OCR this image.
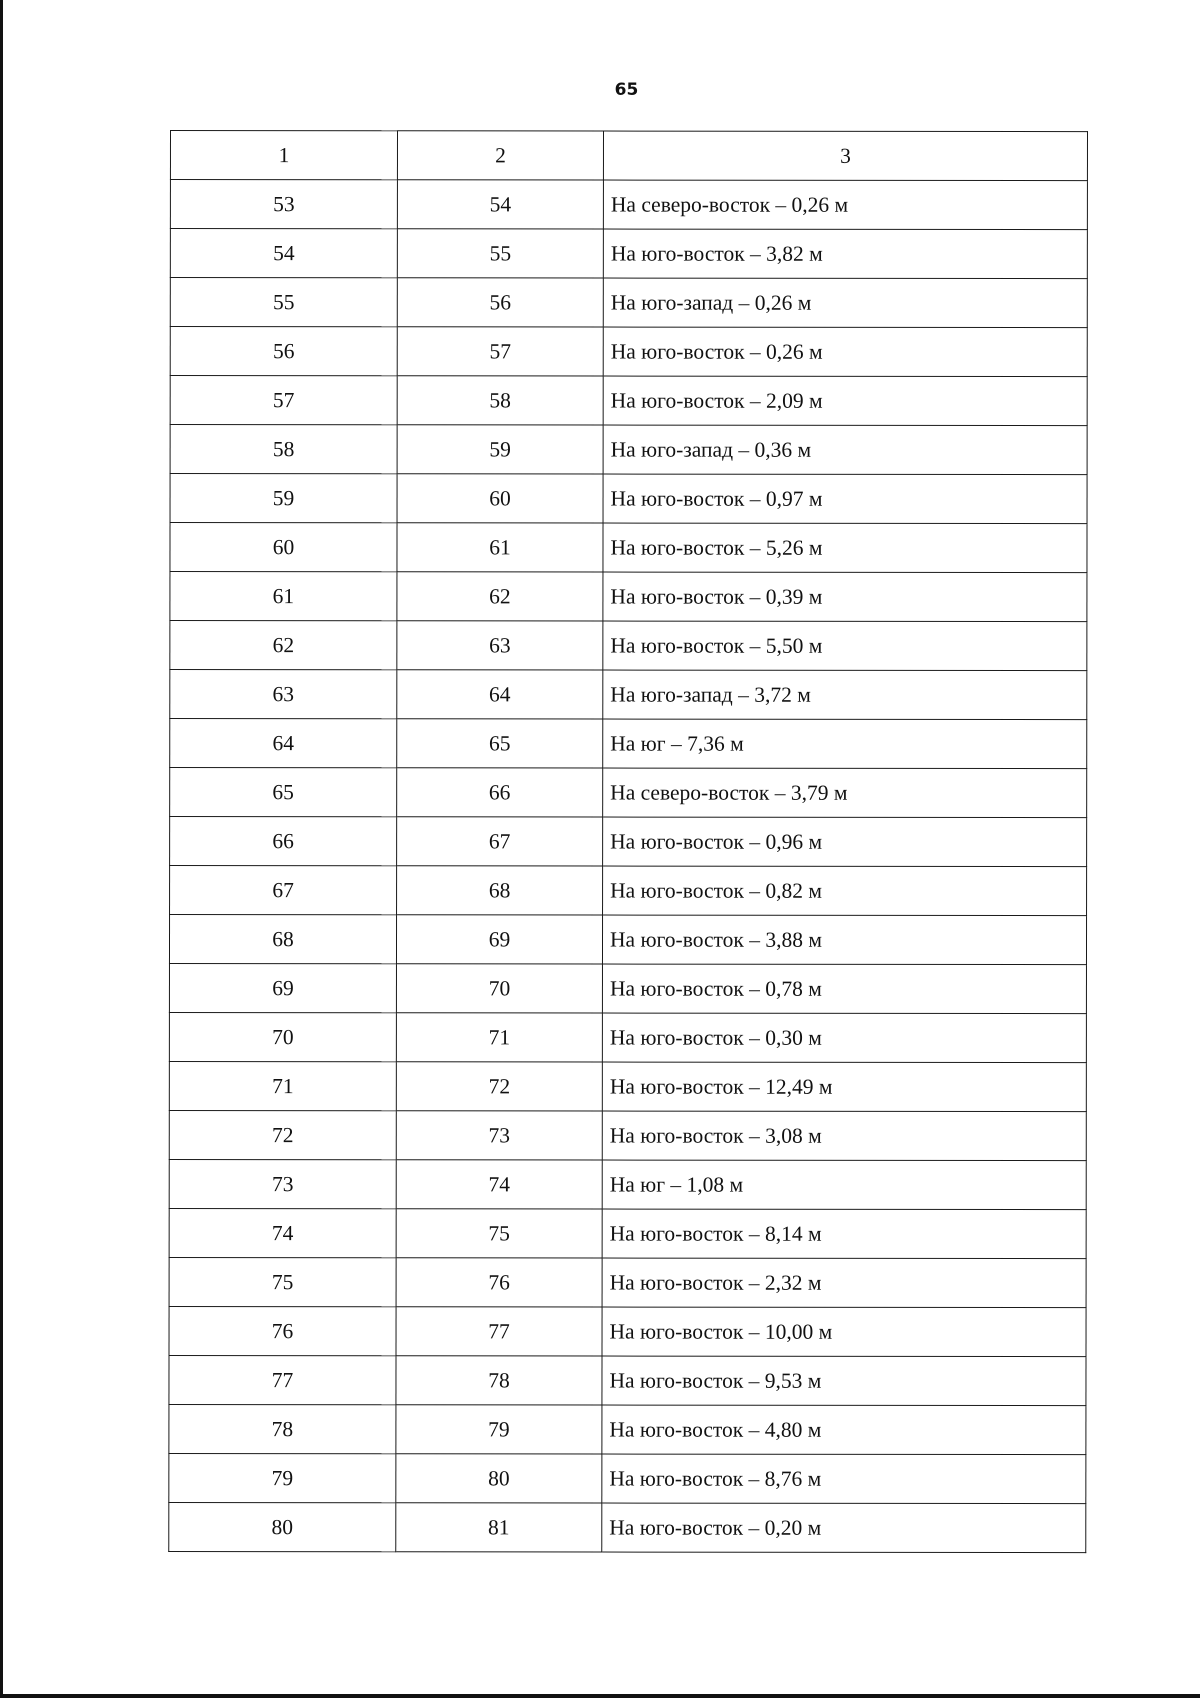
65
1	2	3
53	54	На северо-восток – 0,26 м
54	55	На юго-восток – 3,82 м
55	56	На юго-запад – 0,26 м
56	57	На юго-восток – 0,26 м
57	58	На юго-восток – 2,09 м
58	59	На юго-запад – 0,36 м
59	60	На юго-восток – 0,97 м
60	61	На юго-восток – 5,26 м
61	62	На юго-восток – 0,39 м
62	63	На юго-восток – 5,50 м
63	64	На юго-запад – 3,72 м
64	65	На юг – 7,36 м
65	66	На северо-восток – 3,79 м
66	67	На юго-восток – 0,96 м
67	68	На юго-восток – 0,82 м
68	69	На юго-восток – 3,88 м
69	70	На юго-восток – 0,78 м
70	71	На юго-восток – 0,30 м
71	72	На юго-восток – 12,49 м
72	73	На юго-восток – 3,08 м
73	74	На юг – 1,08 м
74	75	На юго-восток – 8,14 м
75	76	На юго-восток – 2,32 м
76	77	На юго-восток – 10,00 м
77	78	На юго-восток – 9,53 м
78	79	На юго-восток – 4,80 м
79	80	На юго-восток – 8,76 м
80	81	На юго-восток – 0,20 м
